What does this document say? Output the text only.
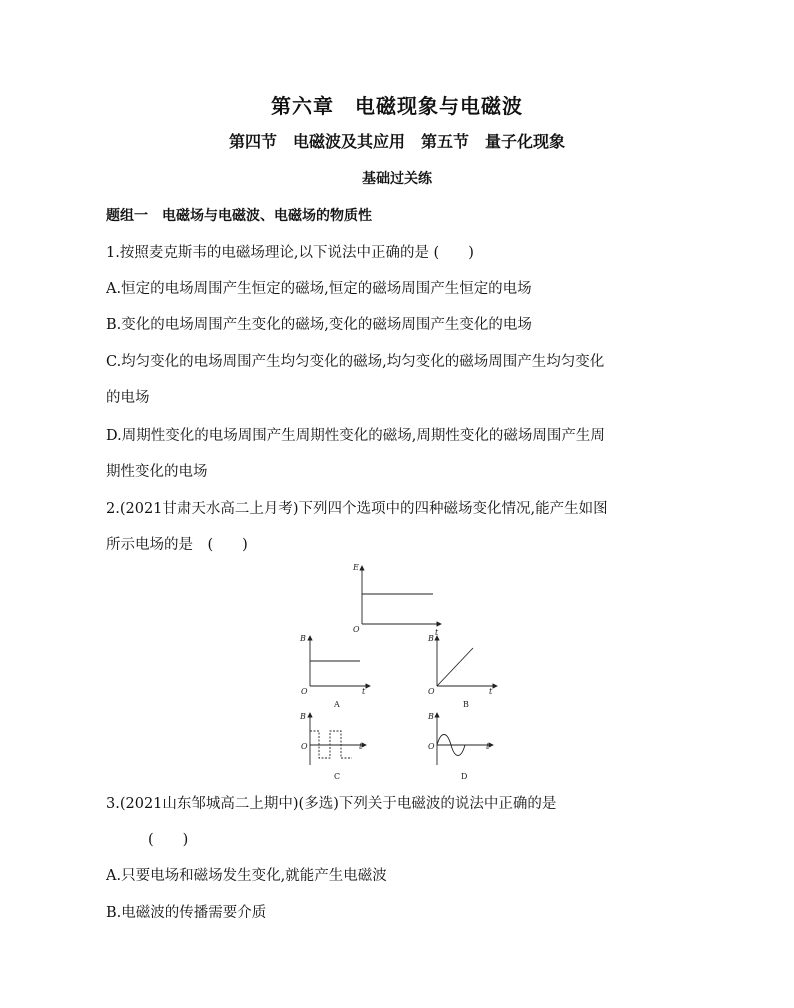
第六章　电磁现象与电磁波
第四节　电磁波及其应用　第五节　量子化现象
基础过关练
题组一　电磁场与电磁波、电磁场的物质性
1.按照麦克斯韦的电磁场理论,以下说法中正确的是 (　　)
A.恒定的电场周围产生恒定的磁场,恒定的磁场周围产生恒定的电场
B.变化的电场周围产生变化的磁场,变化的磁场周围产生变化的电场
C.均匀变化的电场周围产生均匀变化的磁场,均匀变化的磁场周围产生均匀变化
的电场
D.周期性变化的电场周围产生周期性变化的磁场,周期性变化的磁场周围产生周
期性变化的电场
2.(2021甘肃天水高二上月考)下列四个选项中的四种磁场变化情况,能产生如图
所示电场的是　(　　)
E
t
O
B
t
O
A
B
t
O
B
B
t
O
C
B
t
O
D
3.(2021山东邹城高二上期中)(多选)下列关于电磁波的说法中正确的是
(　　)
A.只要电场和磁场发生变化,就能产生电磁波
B.电磁波的传播需要介质
